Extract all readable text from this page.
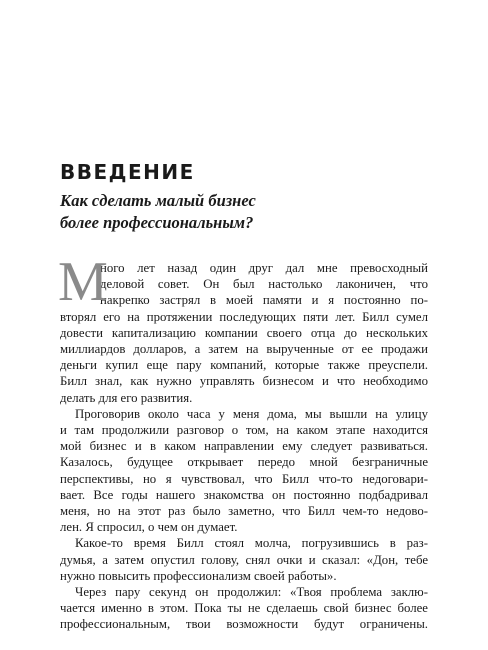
ВВЕДЕНИЕ
Как сделать малый бизнес
более профессиональным?
М
ного лет назад один друг дал мне превосходный
деловой совет. Он был настолько лаконичен, что
накрепко застрял в моей памяти и я постоянно по-
вторял его на протяжении последующих пяти лет. Билл сумел
довести капитализацию компании своего отца до нескольких
миллиардов долларов, а затем на вырученные от ее продажи
деньги купил еще пару компаний, которые также преуспели.
Билл знал, как нужно управлять бизнесом и что необходимо
делать для его развития.
Проговорив около часа у меня дома, мы вышли на улицу
и там продолжили разговор о том, на каком этапе находится
мой бизнес и в каком направлении ему следует развиваться.
Казалось, будущее открывает передо мной безграничные
перспективы, но я чувствовал, что Билл что-то недоговари-
вает. Все годы нашего знакомства он постоянно подбадривал
меня, но на этот раз было заметно, что Билл чем-то недово-
лен. Я спросил, о чем он думает.
Какое-то время Билл стоял молча, погрузившись в раз-
думья, а затем опустил голову, снял очки и сказал: «Дон, тебе
нужно повысить профессионализм своей работы».
Через пару секунд он продолжил: «Твоя проблема заклю-
чается именно в этом. Пока ты не сделаешь свой бизнес более
профессиональным, твои возможности будут ограничены.
